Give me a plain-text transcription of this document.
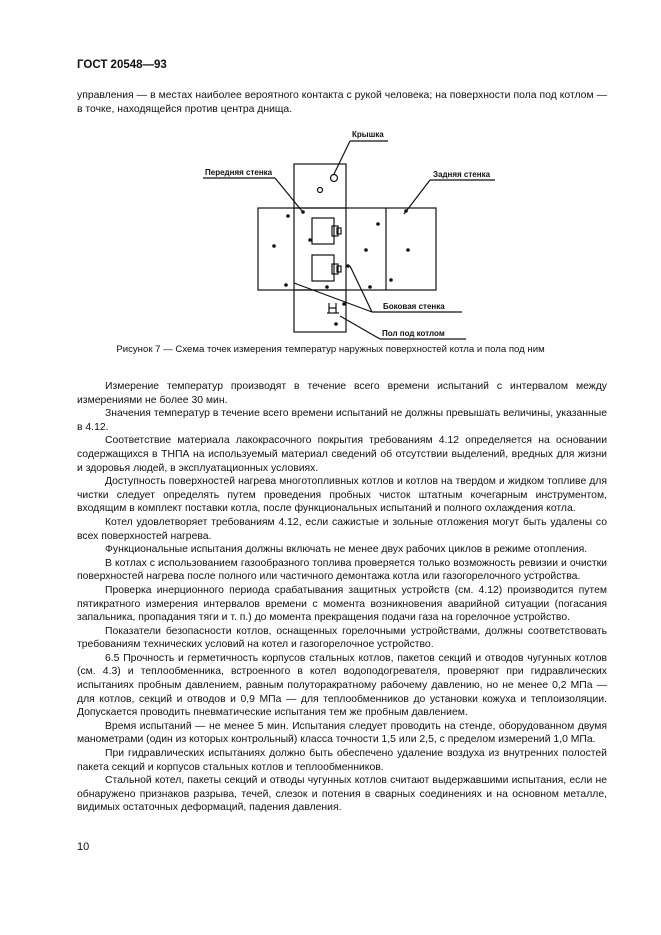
ГОСТ 20548—93

управления — в местах наиболее вероятного контакта с рукой человека; на поверхности пола под котлом — в точке, находящейся против центра днища.

Крышка
Передняя стенка	Задняя стенка
Боковая стенка
Пол под котлом
Рисунок 7 — Схема точек измерения температур наружных поверхностей котла и пола под ним

Измерение температур производят в течение всего времени испытаний с интервалом между измерениями не более 30 мин.

Значения температур в течение всего времени испытаний не должны превышать величины, указанные в 4.12.

Соответствие материала лакокрасочного покрытия требованиям 4.12 определяется на основании содержащихся в ТНПА на используемый материал сведений об отсутствии выделений, вредных для жизни и здоровья людей, в эксплуатационных условиях.

Доступность поверхностей нагрева многотопливных котлов и котлов на твердом и жидком топливе для чистки следует определять путем проведения пробных чисток штатным кочегарным инструментом, входящим в комплект поставки котла, после функциональных испытаний и полного охлаждения котла.

Котел удовлетворяет требованиям 4.12, если сажистые и зольные отложения могут быть удалены со всех поверхностей нагрева.

Функциональные испытания должны включать не менее двух рабочих циклов в режиме отопления.

В котлах с использованием газообразного топлива проверяется только возможность ревизии и очистки поверхностей нагрева после полного или частичного демонтажа котла или газогорелочного устройства.

Проверка инерционного периода срабатывания защитных устройств (см. 4.12) производится путем пятикратного измерения интервалов времени с момента возникновения аварийной ситуации (погасания запальника, пропадания тяги и т. п.) до момента прекращения подачи газа на горелочное устройство.

Показатели безопасности котлов, оснащенных горелочными устройствами, должны соответствовать требованиям технических условий на котел и газогорелочное устройство.

6.5 Прочность и герметичность корпусов стальных котлов, пакетов секций и отводов чугунных котлов (см. 4.3) и теплообменника, встроенного в котел водоподогревателя, проверяют при гидравлических испытаниях пробным давлением, равным полуторакратному рабочему давлению, но не менее 0,2 МПа — для котлов, секций и отводов и 0,9 МПа — для теплообменников до установки кожуха и теплоизоляции. Допускается проводить пневматические испытания тем же пробным давлением.

Время испытаний — не менее 5 мин. Испытания следует проводить на стенде, оборудованном двумя манометрами (один из которых контрольный) класса точности 1,5 или 2,5, с пределом измерений 1,0 МПа.

При гидравлических испытаниях должно быть обеспечено удаление воздуха из внутренних полостей пакета секций и корпусов стальных котлов и теплообменников.

Стальной котел, пакеты секций и отводы чугунных котлов считают выдержавшими испытания, если не обнаружено признаков разрыва, течей, слезок и потения в сварных соединениях и на основном металле, видимых остаточных деформаций, падения давления.

10
